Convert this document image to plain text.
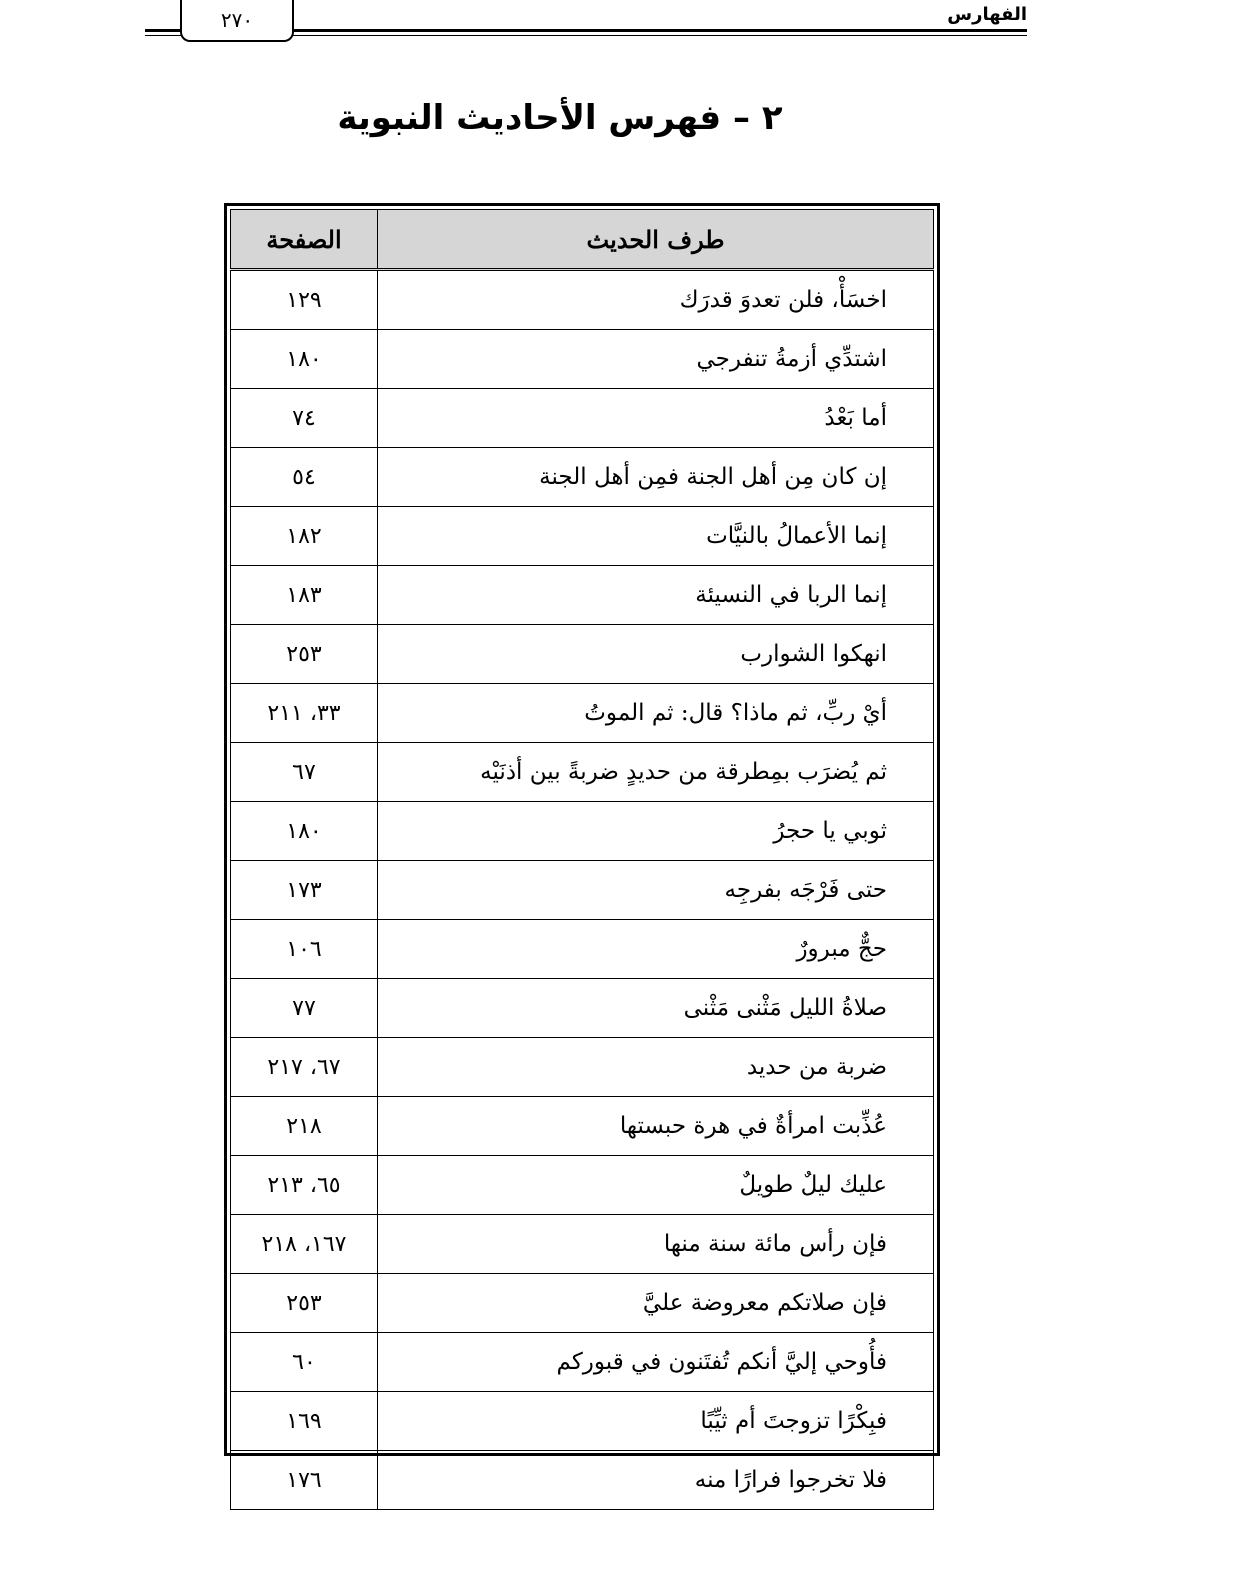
الفهارس
٢٧٠
٢ – فهرس الأحاديث النبوية
طرف الحديث	الصفحة
اخسَأْ، فلن تعدوَ قدرَك	١٢٩
اشتدِّي أزمةُ تنفرجي	١٨٠
أما بَعْدُ	٧٤
إن كان مِن أهل الجنة فمِن أهل الجنة	٥٤
إنما الأعمالُ بالنيَّات	١٨٢
إنما الربا في النسيئة	١٨٣
انهكوا الشوارب	٢٥٣
أيْ ربِّ، ثم ماذا؟ قال: ثم الموتُ	٣٣، ٢١١
ثم يُضرَب بمِطرقة من حديدٍ ضربةً بين أذنَيْه	٦٧
ثوبي يا حجرُ	١٨٠
حتى فَرْجَه بفرجِه	١٧٣
حجٌّ مبرورٌ	١٠٦
صلاةُ الليل مَثْنى مَثْنى	٧٧
ضربة من حديد	٦٧، ٢١٧
عُذِّبت امرأةٌ في هرة حبستها	٢١٨
عليك ليلٌ طويلٌ	٦٥، ٢١٣
فإن رأس مائة سنة منها	١٦٧، ٢١٨
فإن صلاتكم معروضة عليَّ	٢٥٣
فأُوحي إليَّ أنكم تُفتَنون في قبوركم	٦٠
فبِكْرًا تزوجتَ أم ثيِّبًا	١٦٩
فلا تخرجوا فرارًا منه	١٧٦
